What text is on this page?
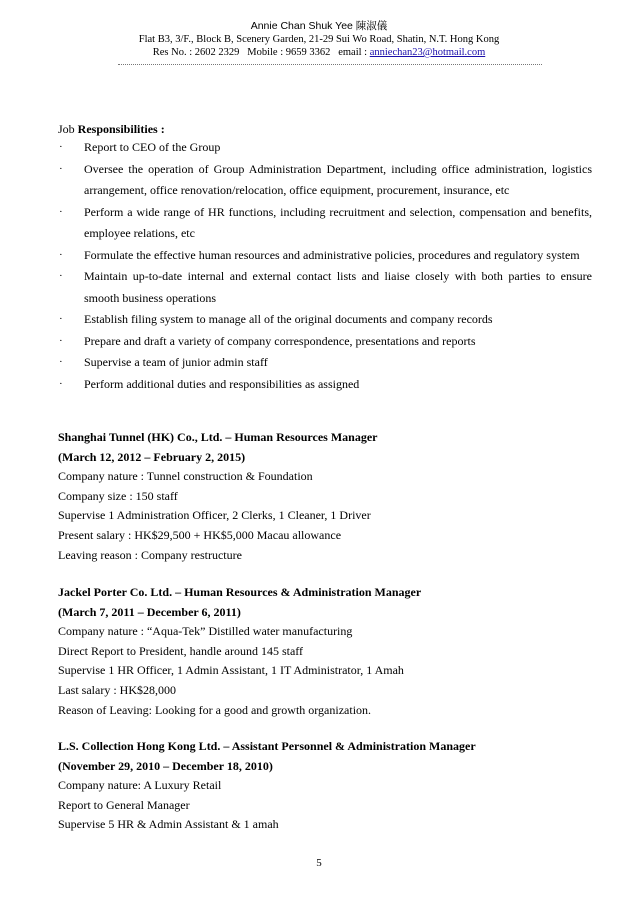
Annie Chan Shuk Yee 陳淑儀
Flat B3, 3/F., Block B, Scenery Garden, 21-29 Sui Wo Road, Shatin, N.T. Hong Kong
Res No. : 2602 2329   Mobile : 9659 3362   email : anniechan23@hotmail.com
Job Responsibilities :
· Report to CEO of the Group
· Oversee the operation of Group Administration Department, including office administration, logistics arrangement, office renovation/relocation, office equipment, procurement, insurance, etc
· Perform a wide range of HR functions, including recruitment and selection, compensation and benefits, employee relations, etc
· Formulate the effective human resources and administrative policies, procedures and regulatory system
· Maintain up-to-date internal and external contact lists and liaise closely with both parties to ensure smooth business operations
· Establish filing system to manage all of the original documents and company records
· Prepare and draft a variety of company correspondence, presentations and reports
· Supervise a team of junior admin staff
· Perform additional duties and responsibilities as assigned
Shanghai Tunnel (HK) Co., Ltd. – Human Resources Manager
(March 12, 2012 – February 2, 2015)
Company nature : Tunnel construction & Foundation
Company size : 150 staff
Supervise 1 Administration Officer, 2 Clerks, 1 Cleaner, 1 Driver
Present salary : HK$29,500 + HK$5,000 Macau allowance
Leaving reason : Company restructure
Jackel Porter Co. Ltd. – Human Resources & Administration Manager
(March 7, 2011 – December 6, 2011)
Company nature : “Aqua-Tek” Distilled water manufacturing
Direct Report to President, handle around 145 staff
Supervise 1 HR Officer, 1 Admin Assistant, 1 IT Administrator, 1 Amah
Last salary : HK$28,000
Reason of Leaving: Looking for a good and growth organization.
L.S. Collection Hong Kong Ltd. – Assistant Personnel & Administration Manager
(November 29, 2010 – December 18, 2010)
Company nature: A Luxury Retail
Report to General Manager
Supervise 5 HR & Admin Assistant & 1 amah
5
